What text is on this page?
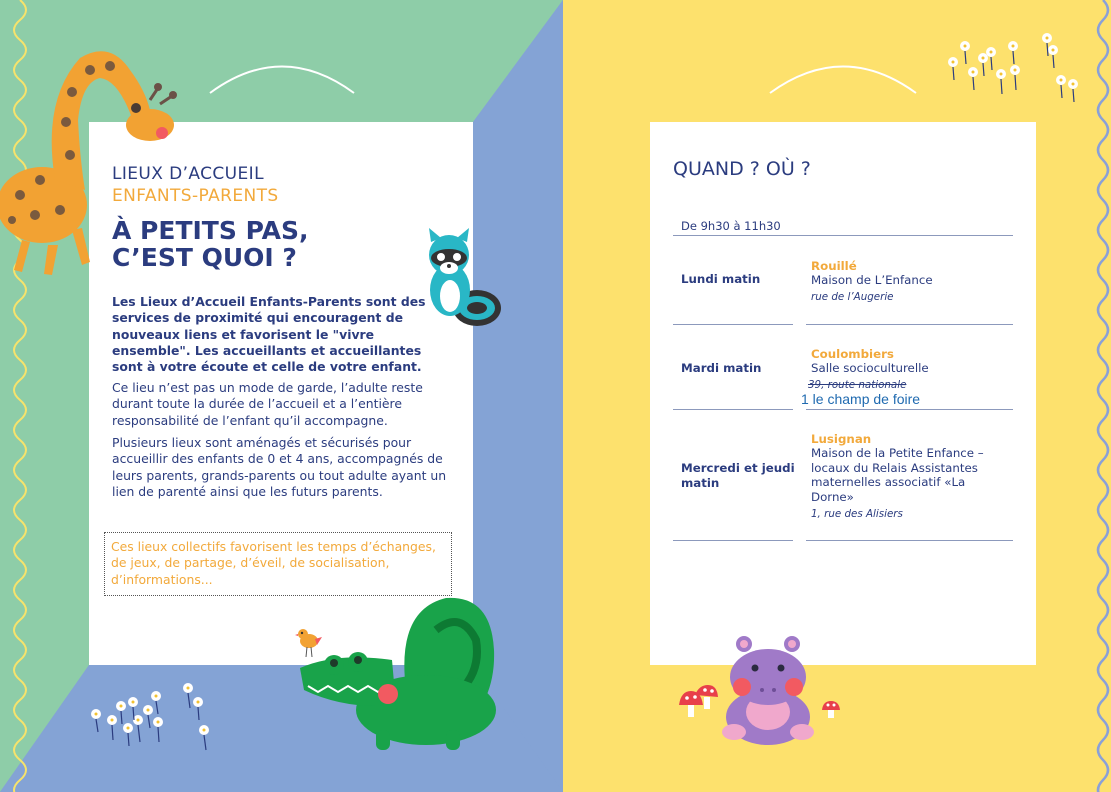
LIEUX D’ACCUEIL
ENFANTS-PARENTS
À PETITS PAS,
C’EST QUOI ?

Les Lieux d’Accueil Enfants-Parents sont des services de proximité qui encouragent de nouveaux liens et favorisent le "vivre ensemble". Les accueillants et accueillantes sont à votre écoute et celle de votre enfant.

Ce lieu n’est pas un mode de garde, l’adulte reste durant toute la durée de l’accueil et a l’entière responsabilité de l’enfant qu’il accompagne.

Plusieurs lieux sont aménagés et sécurisés pour accueillir des enfants de 0 et 4 ans, accompagnés de leurs parents, grands-parents ou tout adulte ayant un lien de parenté ainsi que les futurs parents.

Ces lieux collectifs favorisent les temps d’échanges, de jeux, de partage, d’éveil, de socialisation, d’informations...

QUAND ? OÙ ?
De 9h30 à 11h30
Lundi matin
Rouillé
Maison de L’Enfance
rue de l’Augerie
Mardi matin
Coulombiers
Salle socioculturelle
39, route nationale
1 le champ de foire
Mercredi et jeudi matin
Lusignan
Maison de la Petite Enfance – locaux du Relais Assistantes maternelles associatif «La Dorne»
1, rue des Alisiers
